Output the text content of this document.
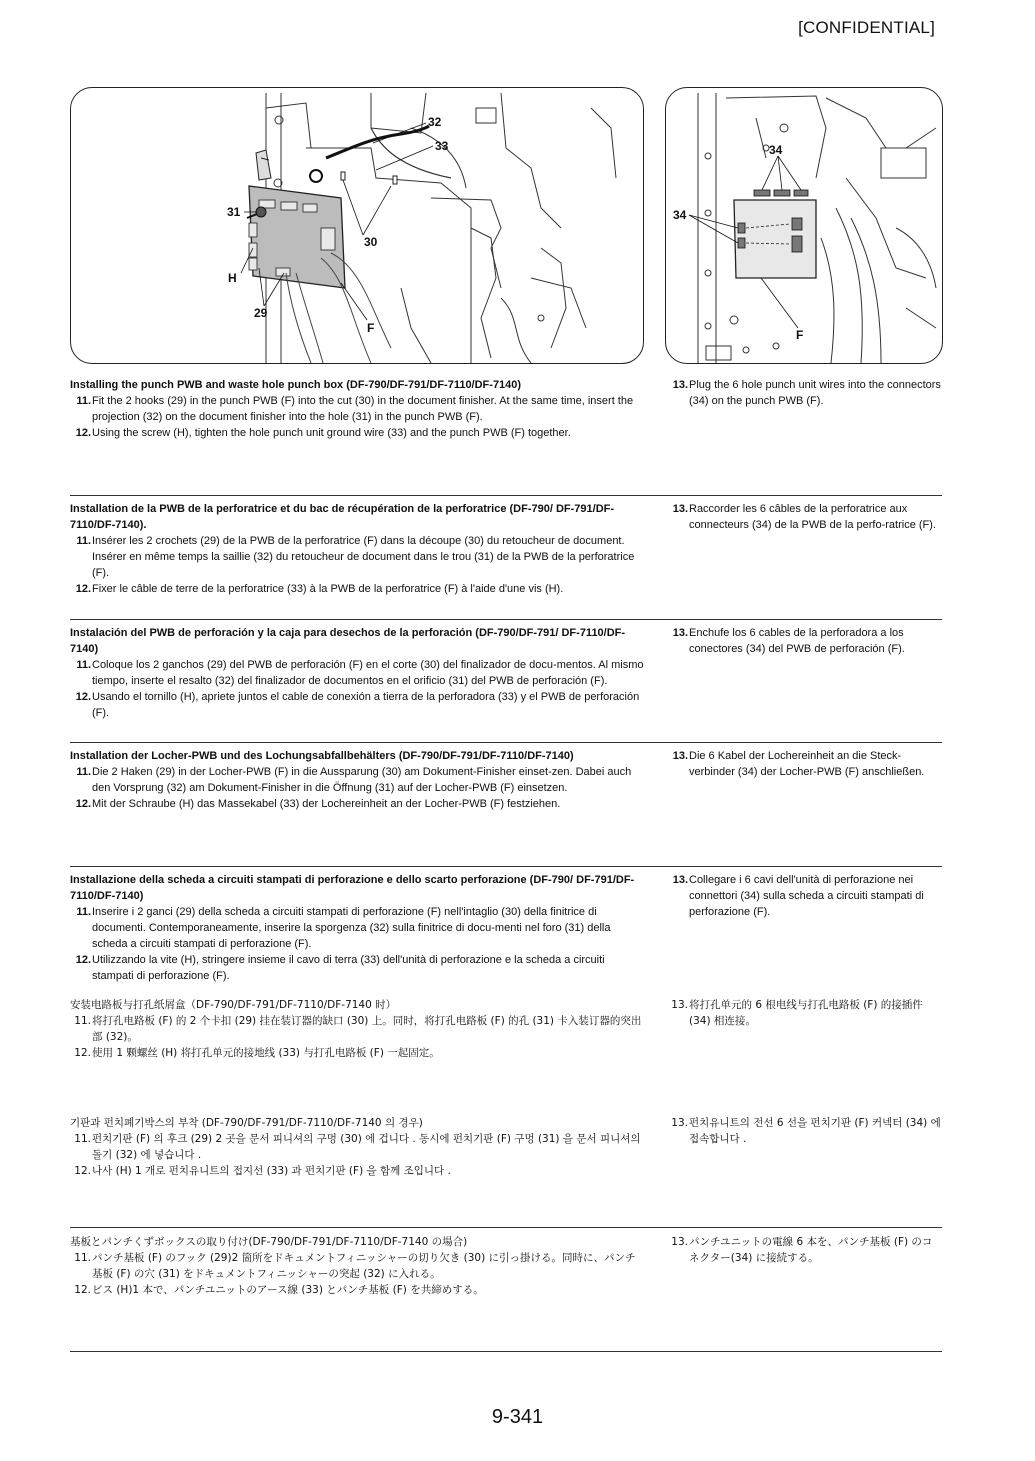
[CONFIDENTIAL]
32
33
31
30
H
29
F
34
34
F
Installing the punch PWB and waste hole punch box (DF-790/DF-791/DF-7110/DF-7140)
11. Fit the 2 hooks (29) in the punch PWB (F) into the cut (30) in the document finisher. At the same time, insert the projection (32) on the document finisher into the hole (31) in the punch PWB (F).
12. Using the screw (H), tighten the hole punch unit ground wire (33) and the punch PWB (F) together.
13. Plug the 6 hole punch unit wires into the connectors (34) on the punch PWB (F).
Installation de la PWB de la perforatrice et du bac de récupération de la perforatrice (DF-790/ DF-791/DF-7110/DF-7140).
11. Insérer les 2 crochets (29) de la PWB de la perforatrice (F) dans la découpe (30) du retoucheur de document. Insérer en même temps la saillie (32) du retoucheur de document dans le trou (31) de la PWB de la perforatrice (F).
12. Fixer le câble de terre de la perforatrice (33) à la PWB de la perforatrice (F) à l'aide d'une vis (H).
13. Raccorder les 6 câbles de la perforatrice aux connecteurs (34) de la PWB de la perfo-ratrice (F).
Instalación del PWB de perforación y la caja para desechos de la perforación (DF-790/DF-791/ DF-7110/DF-7140)
11. Coloque los 2 ganchos (29) del PWB de perforación (F) en el corte (30) del finalizador de docu-mentos. Al mismo tiempo, inserte el resalto (32) del finalizador de documentos en el orificio (31) del PWB de perforación (F).
12. Usando el tornillo (H), apriete juntos el cable de conexión a tierra de la perforadora (33) y el PWB de perforación (F).
13. Enchufe los 6 cables de la perforadora a los conectores (34) del PWB de perforación (F).
Installation der Locher-PWB und des Lochungsabfallbehälters (DF-790/DF-791/DF-7110/DF-7140)
11. Die 2 Haken (29) in der Locher-PWB (F) in die Aussparung (30) am Dokument-Finisher einset-zen. Dabei auch den Vorsprung (32) am Dokument-Finisher in die Öffnung (31) auf der Locher-PWB (F) einsetzen.
12. Mit der Schraube (H) das Massekabel (33) der Lochereinheit an der Locher-PWB (F) festziehen.
13. Die 6 Kabel der Lochereinheit an die Steck-verbinder (34) der Locher-PWB (F) anschließen.
Installazione della scheda a circuiti stampati di perforazione e dello scarto perforazione (DF-790/ DF-791/DF-7110/DF-7140)
11. Inserire i 2 ganci (29) della scheda a circuiti stampati di perforazione (F) nell'intaglio (30) della finitrice di documenti. Contemporaneamente, inserire la sporgenza (32) sulla finitrice di docu-menti nel foro (31) della scheda a circuiti stampati di perforazione (F).
12. Utilizzando la vite (H), stringere insieme il cavo di terra (33) dell'unità di perforazione e la scheda a circuiti stampati di perforazione (F).
13. Collegare i 6 cavi dell'unità di perforazione nei connettori (34) sulla scheda a circuiti stampati di perforazione (F).
安装电路板与打孔纸屑盒（DF-790/DF-791/DF-7110/DF-7140 时）
11. 将打孔电路板 (F) 的 2 个卡扣 (29) 挂在装订器的缺口 (30) 上。同时，将打孔电路板 (F) 的孔 (31) 卡入装订器的突出部 (32)。
12. 使用 1 颗螺丝 (H) 将打孔单元的接地线 (33) 与打孔电路板 (F) 一起固定。
13. 将打孔单元的 6 根电线与打孔电路板 (F) 的接插件 (34) 相连接。
기판과 펀치폐기박스의 부착 (DF-790/DF-791/DF-7110/DF-7140 의 경우)
11. 펀치기판 (F) 의 후크 (29) 2 곳을 문서 피니셔의 구멍 (30) 에 겁니다 . 동시에 펀치기판 (F) 구멍 (31) 을 문서 피니셔의 돌기 (32) 에 넣습니다 .
12. 나사 (H) 1 개로 펀치유니트의 접지선 (33) 과 펀치기판 (F) 을 함께 조입니다 .
13. 펀치유니트의 전선 6 선을 펀치기판 (F) 커넥터 (34) 에 접속합니다 .
基板とパンチくずボックスの取り付け(DF-790/DF-791/DF-7110/DF-7140 の場合)
11. パンチ基板 (F) のフック (29)2 箇所をドキュメントフィニッシャーの切り欠き (30) に引っ掛ける。同時に、パンチ基板 (F) の穴 (31) をドキュメントフィニッシャーの突起 (32) に入れる。
12. ビス (H)1 本で、パンチユニットのアース線 (33) とパンチ基板 (F) を共締めする。
13. パンチユニットの電線 6 本を、パンチ基板 (F) のコネクター(34) に接続する。
9-341
